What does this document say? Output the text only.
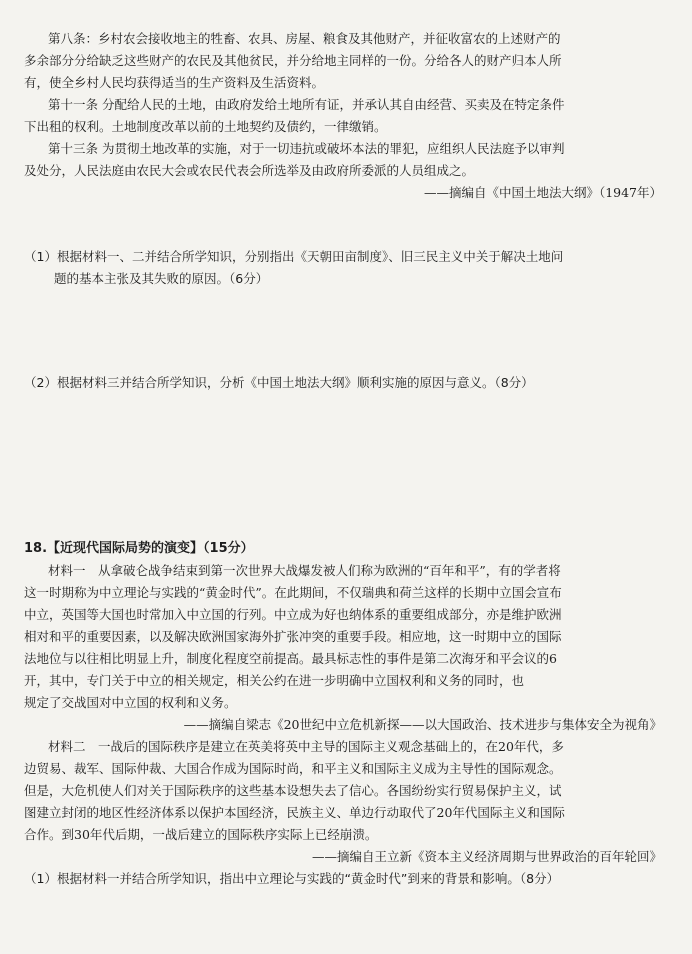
第八条：乡村农会接收地主的牲畜、农具、房屋、粮食及其他财产，并征收富农的上述财产的
多余部分分给缺乏这些财产的农民及其他贫民，并分给地主同样的一份。分给各人的财产归本人所
有，使全乡村人民均获得适当的生产资料及生活资料。
第十一条 分配给人民的土地，由政府发给土地所有证，并承认其自由经营、买卖及在特定条件
下出租的权利。土地制度改革以前的土地契约及债约，一律缴销。
第十三条 为贯彻土地改革的实施，对于一切违抗或破坏本法的罪犯，应组织人民法庭予以审判
及处分，人民法庭由农民大会或农民代表会所选举及由政府所委派的人员组成之。
——摘编自《中国土地法大纲》（1947年）
（1）根据材料一、二并结合所学知识，分别指出《天朝田亩制度》、旧三民主义中关于解决土地问
题的基本主张及其失败的原因。（6分）
（2）根据材料三并结合所学知识，分析《中国土地法大纲》顺利实施的原因与意义。（8分）
18.【近现代国际局势的演变】（15分）
材料一　从拿破仑战争结束到第一次世界大战爆发被人们称为欧洲的“百年和平”，有的学者将
这一时期称为中立理论与实践的“黄金时代”。在此期间，不仅瑞典和荷兰这样的长期中立国会宣布
中立，英国等大国也时常加入中立国的行列。中立成为好也纳体系的重要组成部分，亦是维护欧洲
相对和平的重要因素，以及解决欧洲国家海外扩张冲突的重要手段。相应地，这一时期中立的国际
法地位与以往相比明显上升，制度化程度空前提高。最具标志性的事件是第二次海牙和平会议的6
开，其中，专门关于中立的相关规定，相关公约在进一步明确中立国权利和义务的同时，也
规定了交战国对中立国的权利和义务。
——摘编自梁志《20世纪中立危机新探——以大国政治、技术进步与集体安全为视角》
材料二　一战后的国际秩序是建立在英美将英中主导的国际主义观念基础上的，在20年代，多
边贸易、裁军、国际仲裁、大国合作成为国际时尚，和平主义和国际主义成为主导性的国际观念。
但是，大危机使人们对关于国际秩序的这些基本设想失去了信心。各国纷纷实行贸易保护主义，试
图建立封闭的地区性经济体系以保护本国经济，民族主义、单边行动取代了20年代国际主义和国际
合作。到30年代后期，一战后建立的国际秩序实际上已经崩溃。
——摘编自王立新《资本主义经济周期与世界政治的百年轮回》
（1）根据材料一并结合所学知识，指出中立理论与实践的“黄金时代”到来的背景和影响。（8分）
